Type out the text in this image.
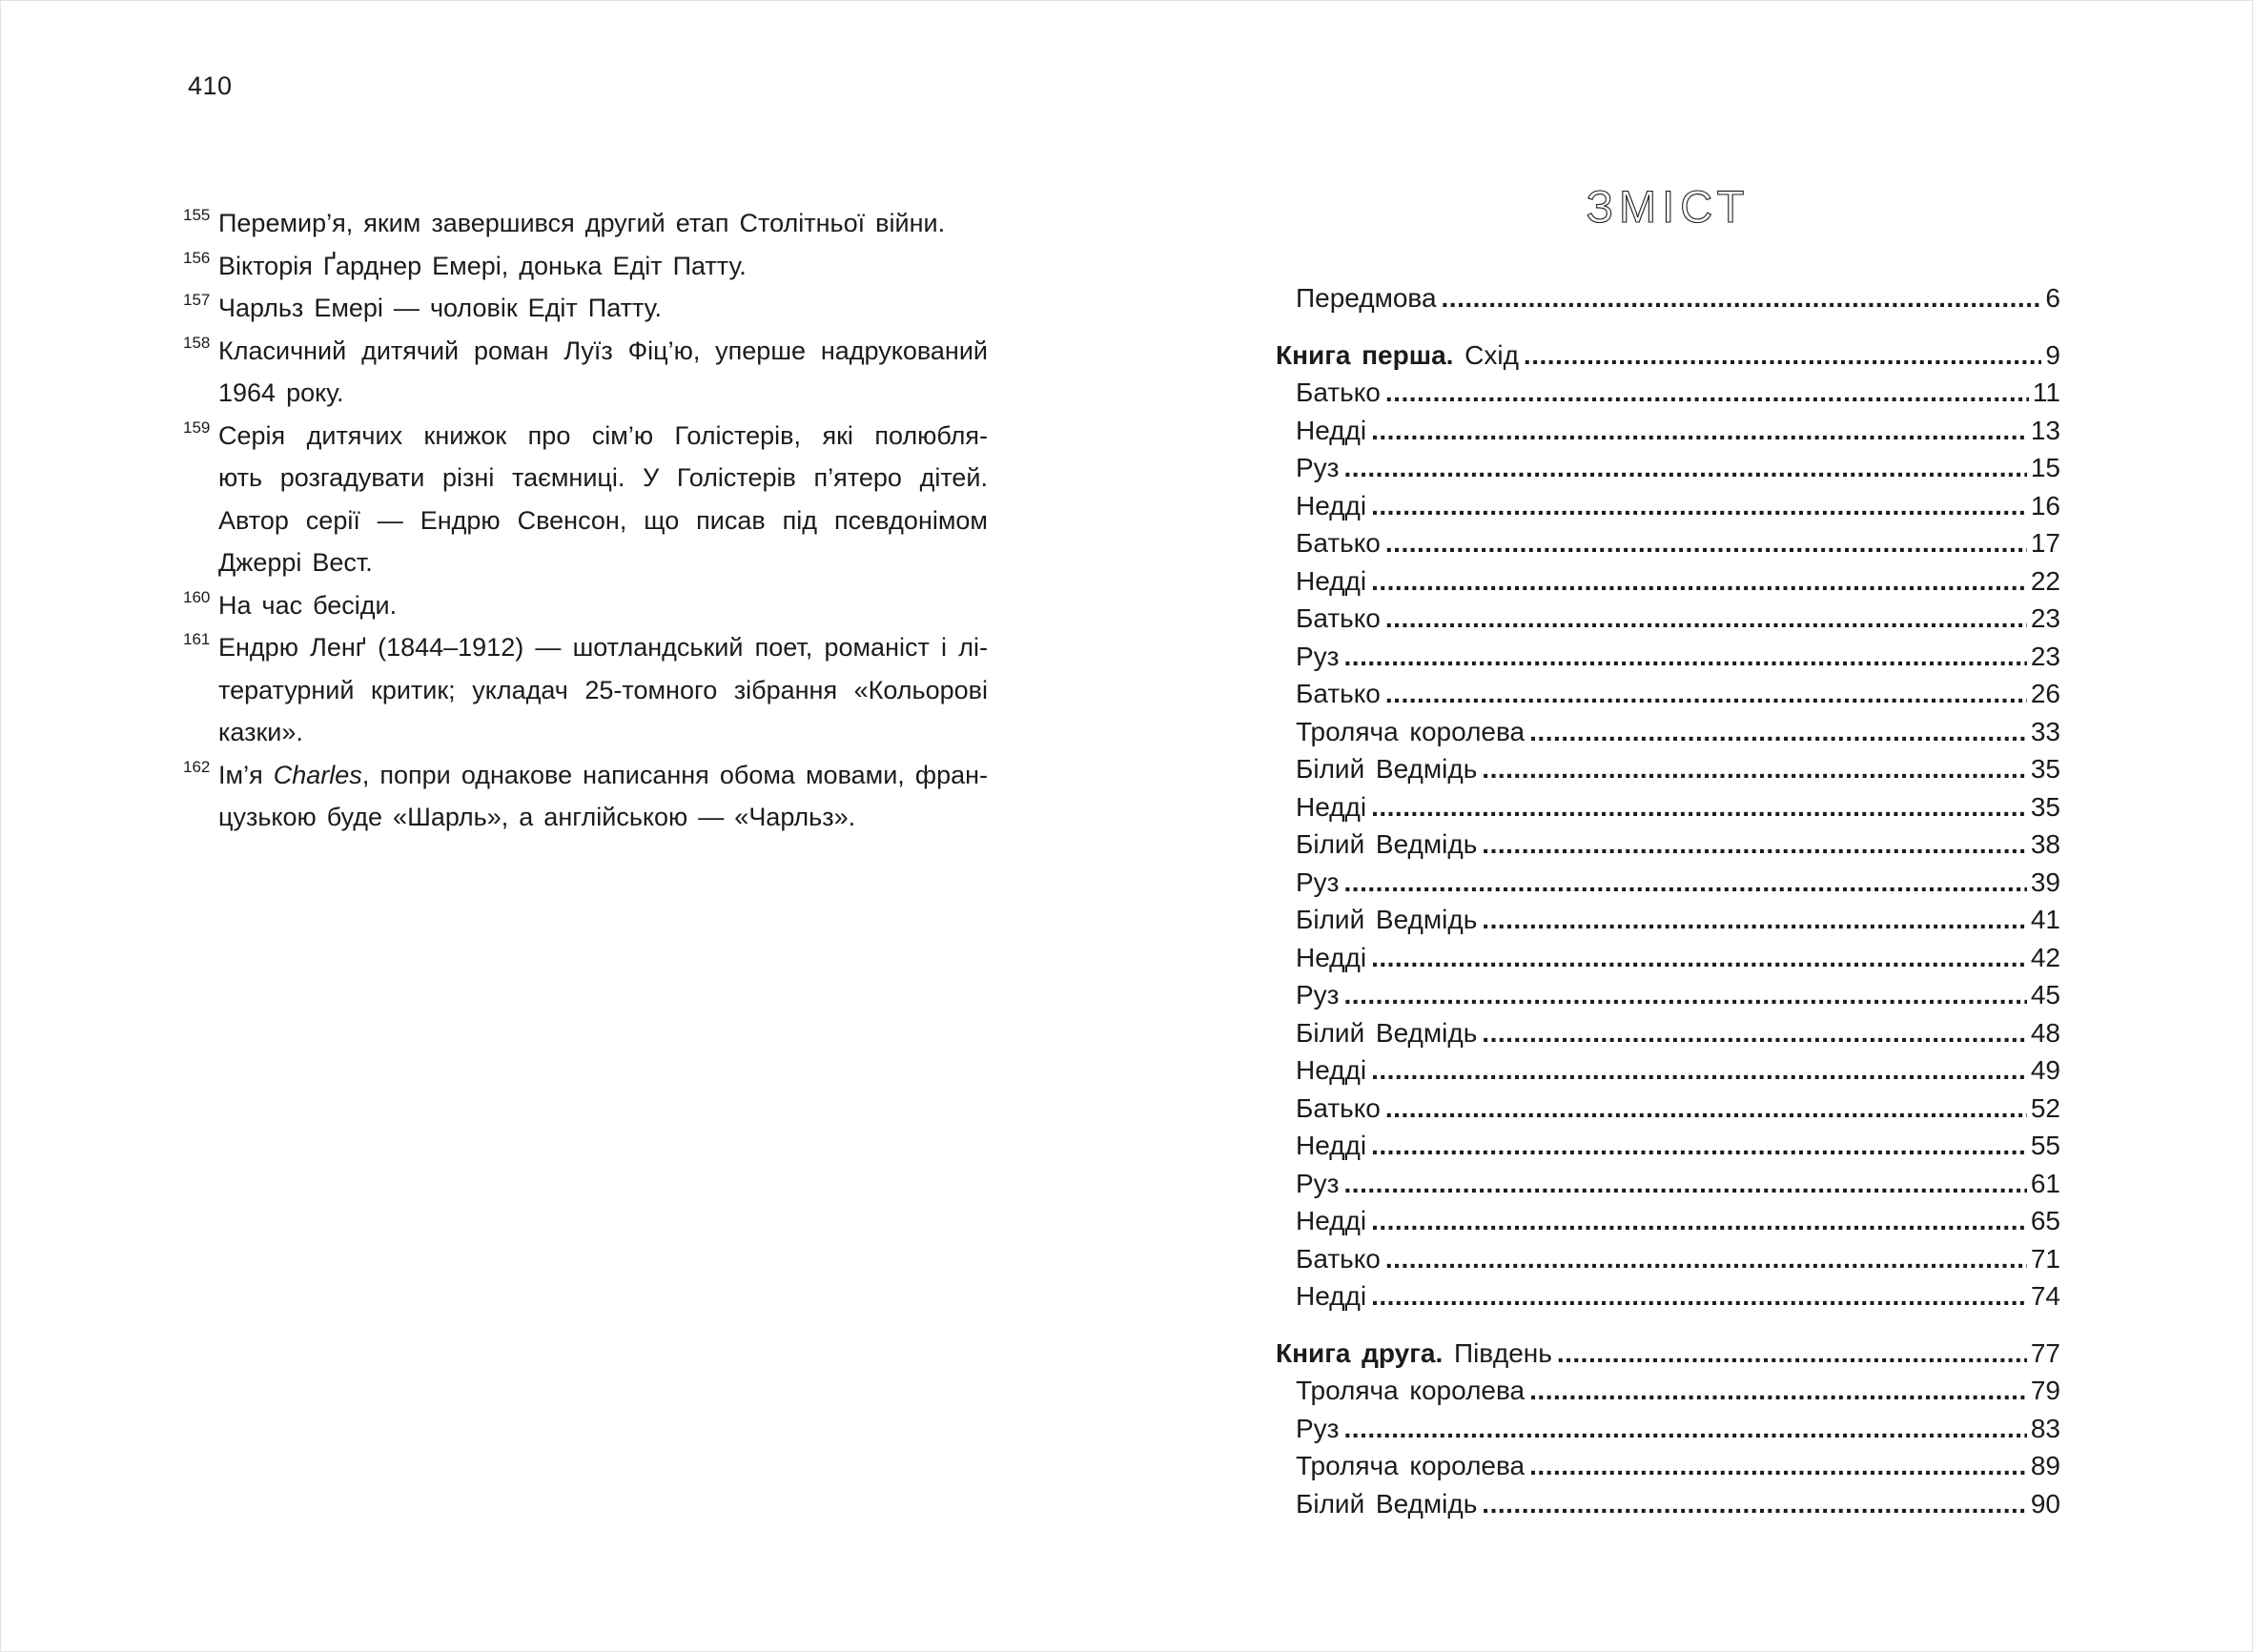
410
155 Перемир’я, яким завершився другий етап Столітньої війни.
156 Вікторія Ґарднер Емері, донька Едіт Патту.
157 Чарльз Емері — чоловік Едіт Патту.
158 Класичний дитячий роман Луїз Фіц’ю, уперше надрукований
1964 року.
159 Серія дитячих книжок про сім’ю Голістерів, які полюбля-
ють розгадувати різні таємниці. У Голістерів п’ятеро дітей.
Автор серії — Ендрю Свенсон, що писав під псевдонімом
Джеррі Вест.
160 На час бесіди.
161 Ендрю Ленґ (1844–1912) — шотландський поет, романіст і лі-
тературний критик; укладач 25-томного зібрання «Кольорові
казки».
162 Ім’я Charles, попри однакове написання обома мовами, фран-
цузькою буде «Шарль», а англійською — «Чарльз».
ЗМІСТ
Передмова .....	6
Книга перша. Схід .....	9
Батько .....	11
Недді .....	13
Руз .....	15
Недді .....	16
Батько .....	17
Недді .....	22
Батько .....	23
Руз .....	23
Батько .....	26
Троляча королева .....	33
Білий Ведмідь .....	35
Недді .....	35
Білий Ведмідь .....	38
Руз .....	39
Білий Ведмідь .....	41
Недді .....	42
Руз .....	45
Білий Ведмідь .....	48
Недді .....	49
Батько .....	52
Недді .....	55
Руз .....	61
Недді .....	65
Батько .....	71
Недді .....	74
Книга друга. Південь .....	77
Троляча королева .....	79
Руз .....	83
Троляча королева .....	89
Білий Ведмідь .....	90
